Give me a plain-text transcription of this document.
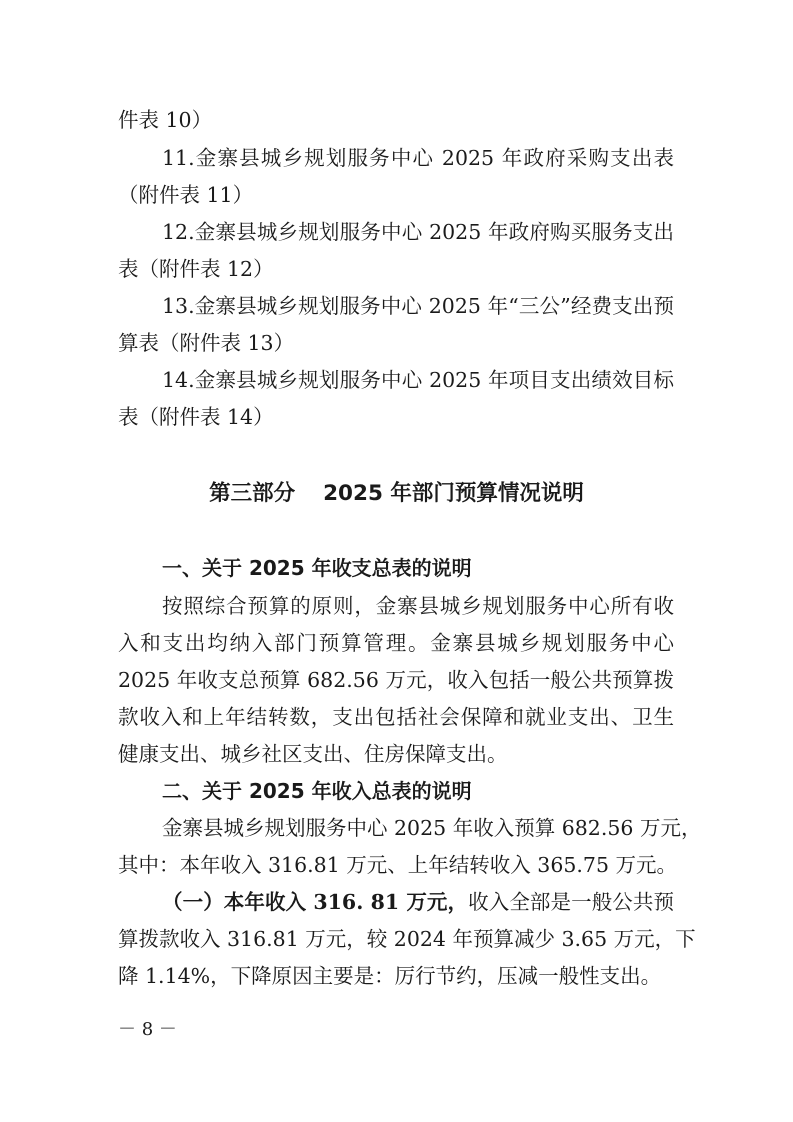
件表 10）
11.金寨县城乡规划服务中心 2025 年政府采购支出表
（附件表 11）
12.金寨县城乡规划服务中心 2025 年政府购买服务支出
表（附件表 12）
13.金寨县城乡规划服务中心 2025 年“三公”经费支出预
算表（附件表 13）
14.金寨县城乡规划服务中心 2025 年项目支出绩效目标
表（附件表 14）
第三部分 2025 年部门预算情况说明
一、关于 2025 年收支总表的说明
按照综合预算的原则，金寨县城乡规划服务中心所有收
入和支出均纳入部门预算管理。金寨县城乡规划服务中心
2025 年收支总预算 682.56 万元，收入包括一般公共预算拨
款收入和上年结转数，支出包括社会保障和就业支出、卫生
健康支出、城乡社区支出、住房保障支出。
二、关于 2025 年收入总表的说明
金寨县城乡规划服务中心 2025 年收入预算 682.56 万元，
其中：本年收入 316.81 万元、上年结转收入 365.75 万元。
（一）本年收入 316. 81 万元，收入全部是一般公共预
算拨款收入 316.81 万元，较 2024 年预算减少 3.65 万元，下
降 1.14%，下降原因主要是：厉行节约，压减一般性支出。
－ 8 －
